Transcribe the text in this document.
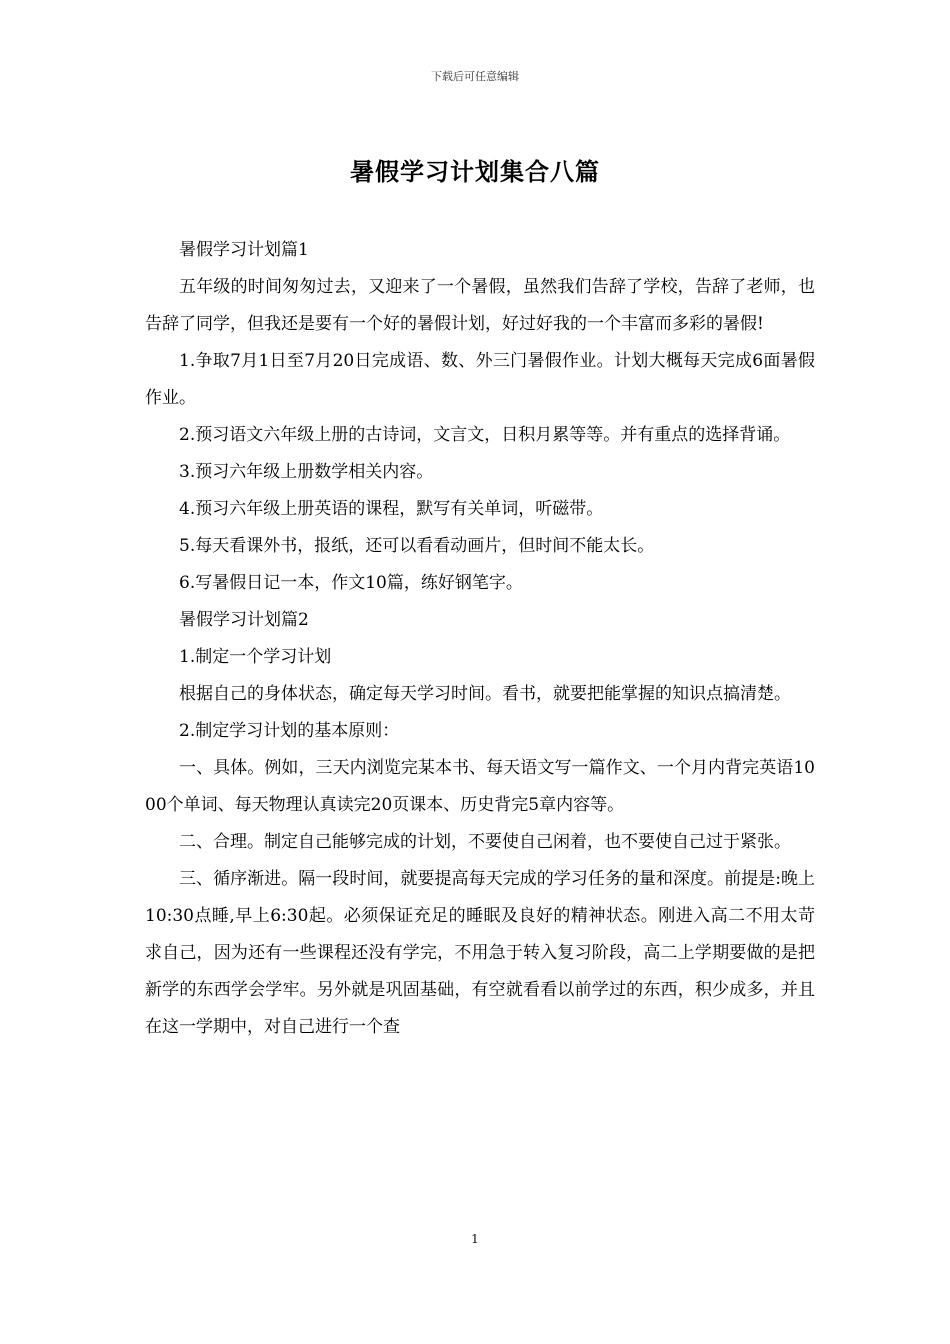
下载后可任意编辑
暑假学习计划集合八篇

暑假学习计划篇1

五年级的时间匆匆过去，又迎来了一个暑假，虽然我们告辞了学校，告辞了老师，也告辞了同学，但我还是要有一个好的暑假计划，好过好我的一个丰富而多彩的暑假!

1.争取7月1日至7月20日完成语、数、外三门暑假作业。计划大概每天完成6面暑假作业。

2.预习语文六年级上册的古诗词，文言文，日积月累等等。并有重点的选择背诵。

3.预习六年级上册数学相关内容。

4.预习六年级上册英语的课程，默写有关单词，听磁带。

5.每天看课外书，报纸，还可以看看动画片，但时间不能太长。

6.写暑假日记一本，作文10篇，练好钢笔字。

暑假学习计划篇2

1.制定一个学习计划

根据自己的身体状态，确定每天学习时间。看书，就要把能掌握的知识点搞清楚。

2.制定学习计划的基本原则：

一、具体。例如，三天内浏览完某本书、每天语文写一篇作文、一个月内背完英语1000个单词、每天物理认真读完20页课本、历史背完5章内容等。

二、合理。制定自己能够完成的计划，不要使自己闲着，也不要使自己过于紧张。

三、循序渐进。隔一段时间，就要提高每天完成的学习任务的量和深度。前提是:晚上10:30点睡,早上6:30起。必须保证充足的睡眠及良好的精神状态。刚进入高二不用太苛求自己，因为还有一些课程还没有学完，不用急于转入复习阶段，高二上学期要做的是把新学的东西学会学牢。另外就是巩固基础，有空就看看以前学过的东西，积少成多，并且在这一学期中，对自己进行一个查

1
